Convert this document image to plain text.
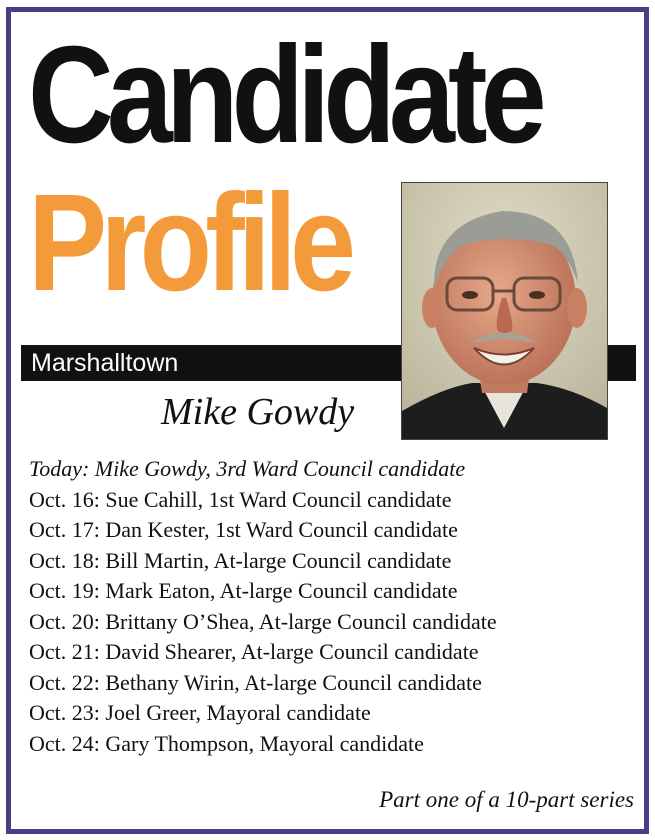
Candidate
Profile
Marshalltown
Mike Gowdy
Today: Mike Gowdy, 3rd Ward Council candidate
Oct. 16: Sue Cahill, 1st Ward Council candidate
Oct. 17: Dan Kester, 1st Ward Council candidate
Oct. 18: Bill Martin, At-large Council candidate
Oct. 19: Mark Eaton, At-large Council candidate
Oct. 20: Brittany O’Shea, At-large Council candidate
Oct. 21: David Shearer, At-large Council candidate
Oct. 22: Bethany Wirin, At-large Council candidate
Oct. 23: Joel Greer, Mayoral candidate
Oct. 24: Gary Thompson, Mayoral candidate
Part one of a 10-part series
